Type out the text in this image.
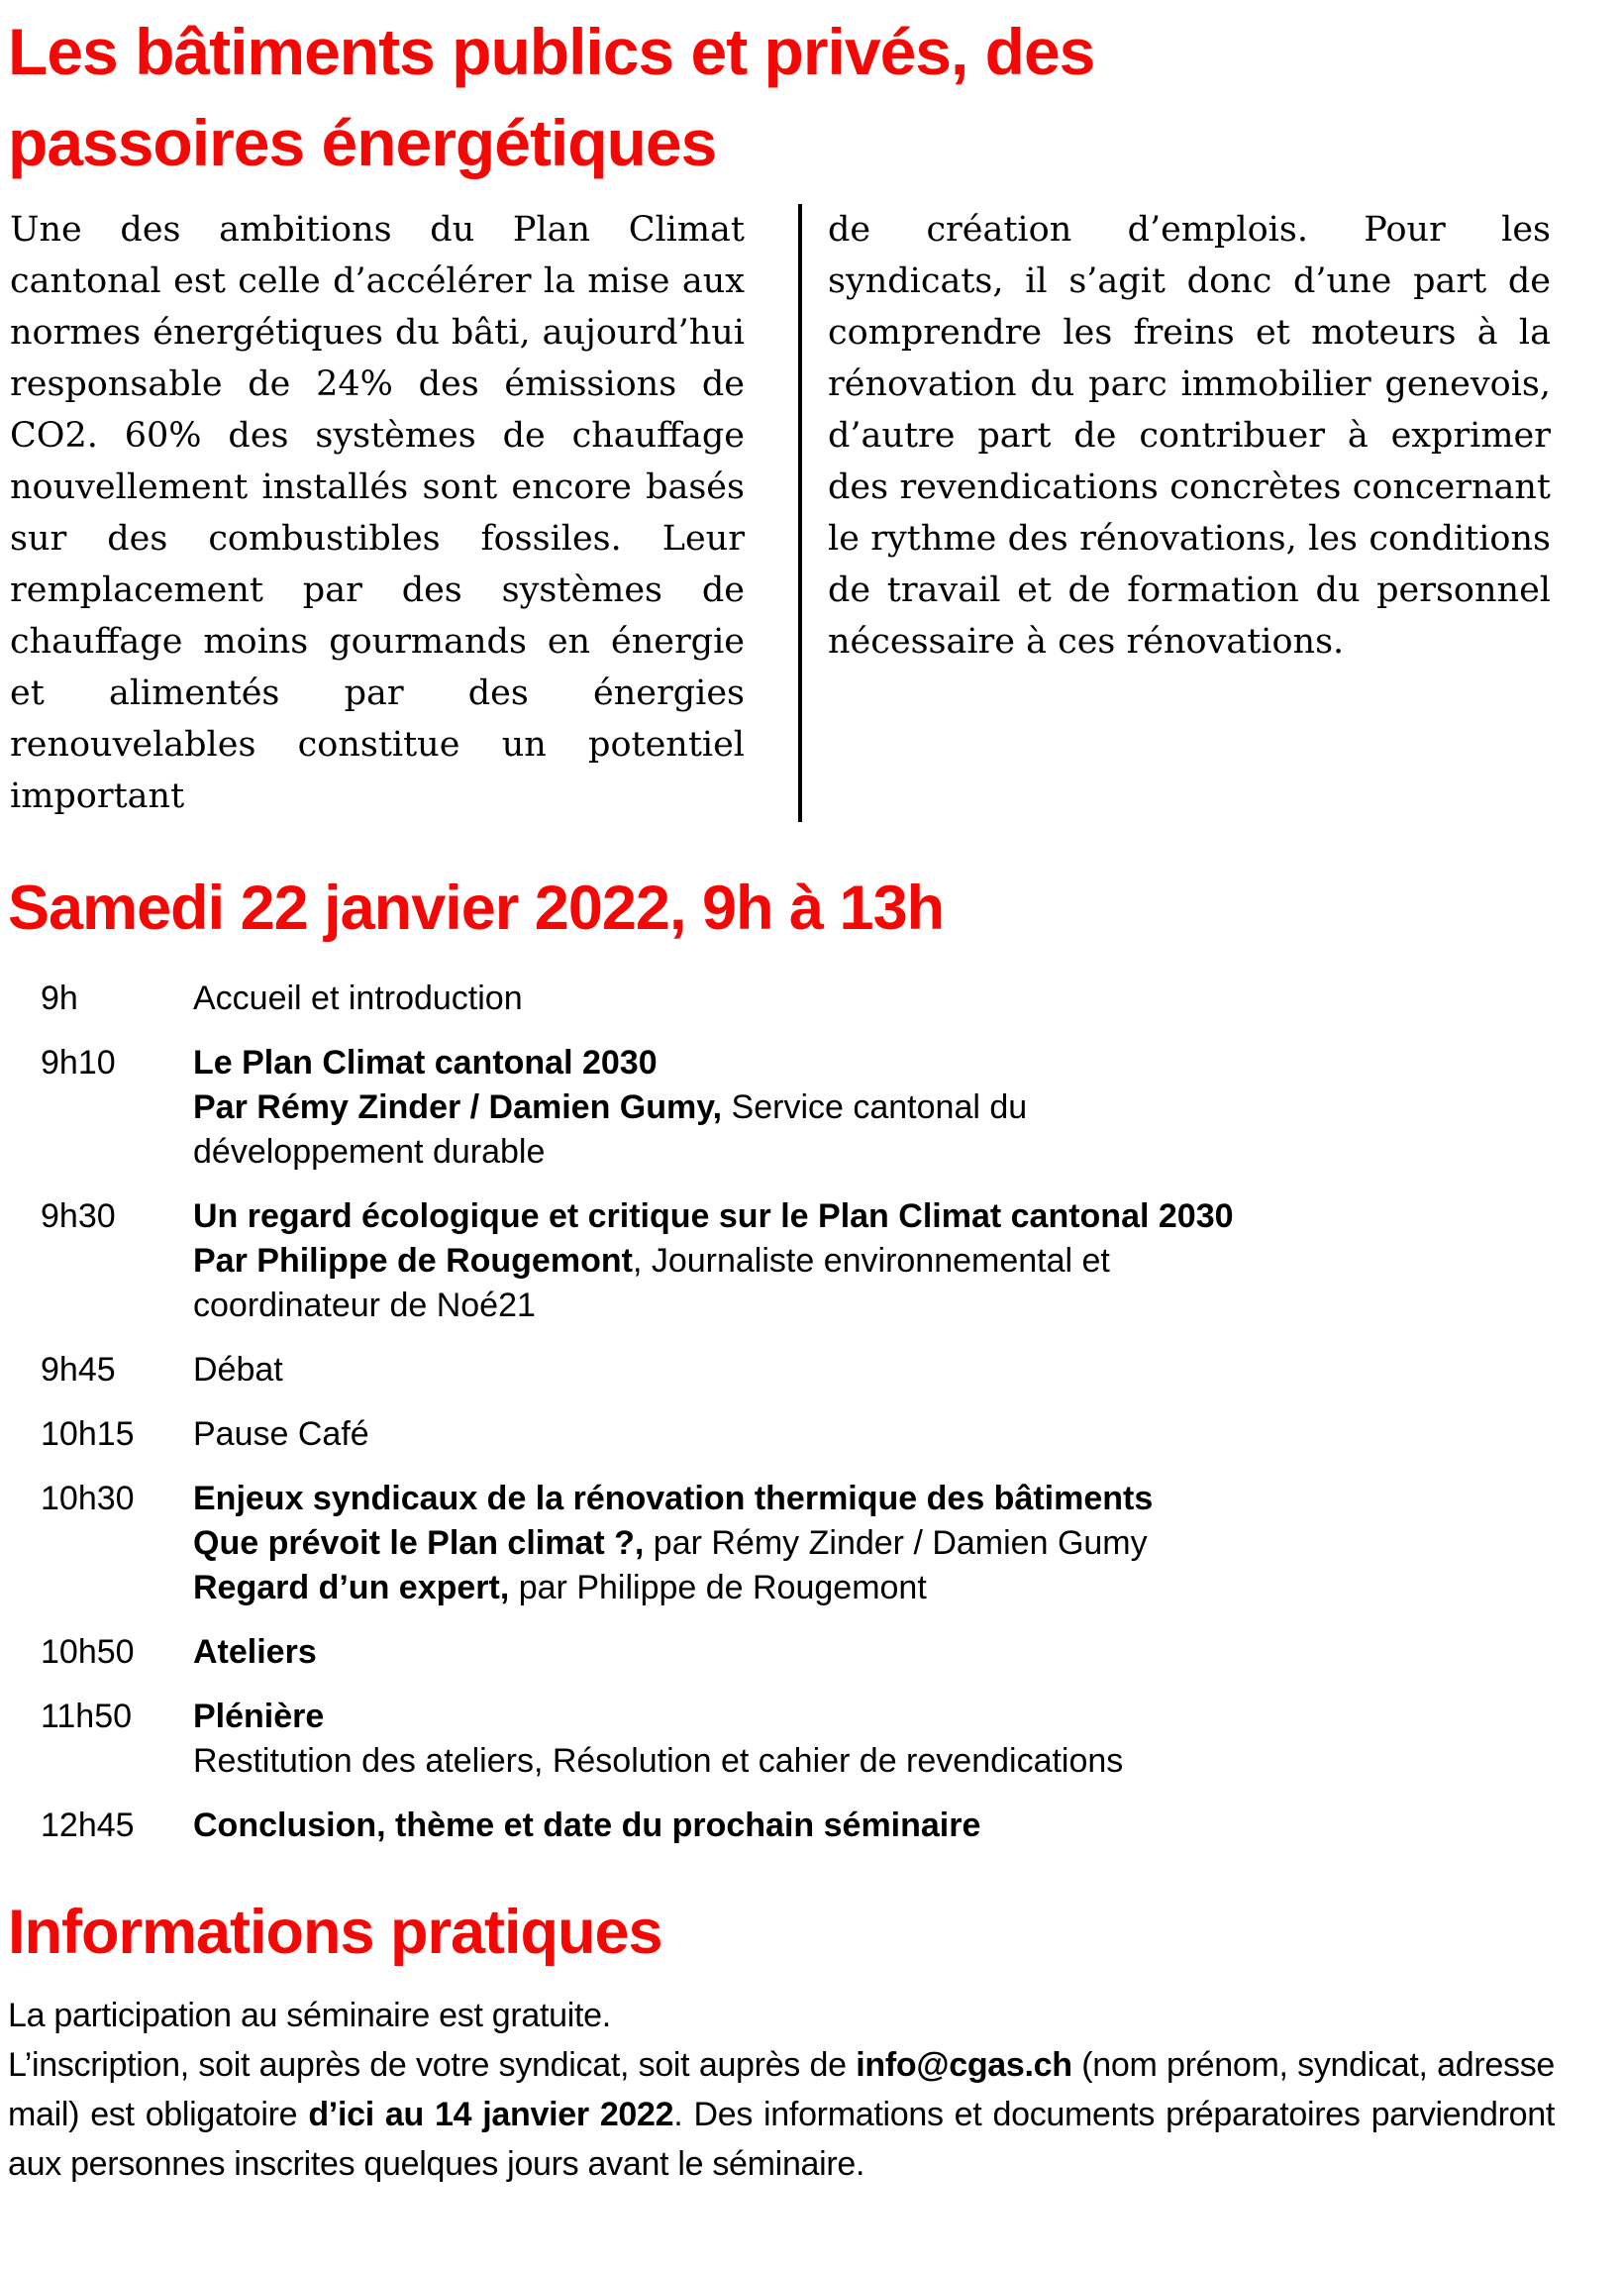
Les bâtiments publics et privés, des
passoires énergétiques

Une des ambitions du Plan Climat cantonal est celle d’accélérer la mise aux normes énergétiques du bâti, aujourd’hui responsable de 24% des émissions de CO2. 60% des systèmes de chauffage nouvellement installés sont encore basés sur des combustibles fossiles. Leur remplacement par des systèmes de chauffage moins gourmands en énergie et alimentés par des énergies renouvelables constitue un potentiel important

de création d’emplois. Pour les syndicats, il s’agit donc d’une part de comprendre les freins et moteurs à la rénovation du parc immobilier genevois, d’autre part de contribuer à exprimer des revendications concrètes concernant le rythme des rénovations, les conditions de travail et de formation du personnel nécessaire à ces rénovations.

Samedi 22 janvier 2022, 9h à 13h
9h	Accueil et introduction
9h10	Le Plan Climat cantonal 2030
Par Rémy Zinder / Damien Gumy, Service cantonal du
développement durable
9h30	Un regard écologique et critique sur le Plan Climat cantonal 2030
Par Philippe de Rougemont, Journaliste environnemental et
coordinateur de Noé21
9h45	Débat
10h15	Pause Café
10h30	Enjeux syndicaux de la rénovation thermique des bâtiments
Que prévoit le Plan climat ?, par Rémy Zinder / Damien Gumy
Regard d’un expert, par Philippe de Rougemont
10h50	Ateliers
11h50	Plénière
Restitution des ateliers, Résolution et cahier de revendications
12h45	Conclusion, thème et date du prochain séminaire
Informations pratiques
La participation au séminaire est gratuite.

L’inscription, soit auprès de votre syndicat, soit auprès de info@cgas.ch (nom prénom, syndicat, adresse mail) est obligatoire d’ici au 14 janvier 2022. Des informations et documents préparatoires parviendront aux personnes inscrites quelques jours avant le séminaire.
